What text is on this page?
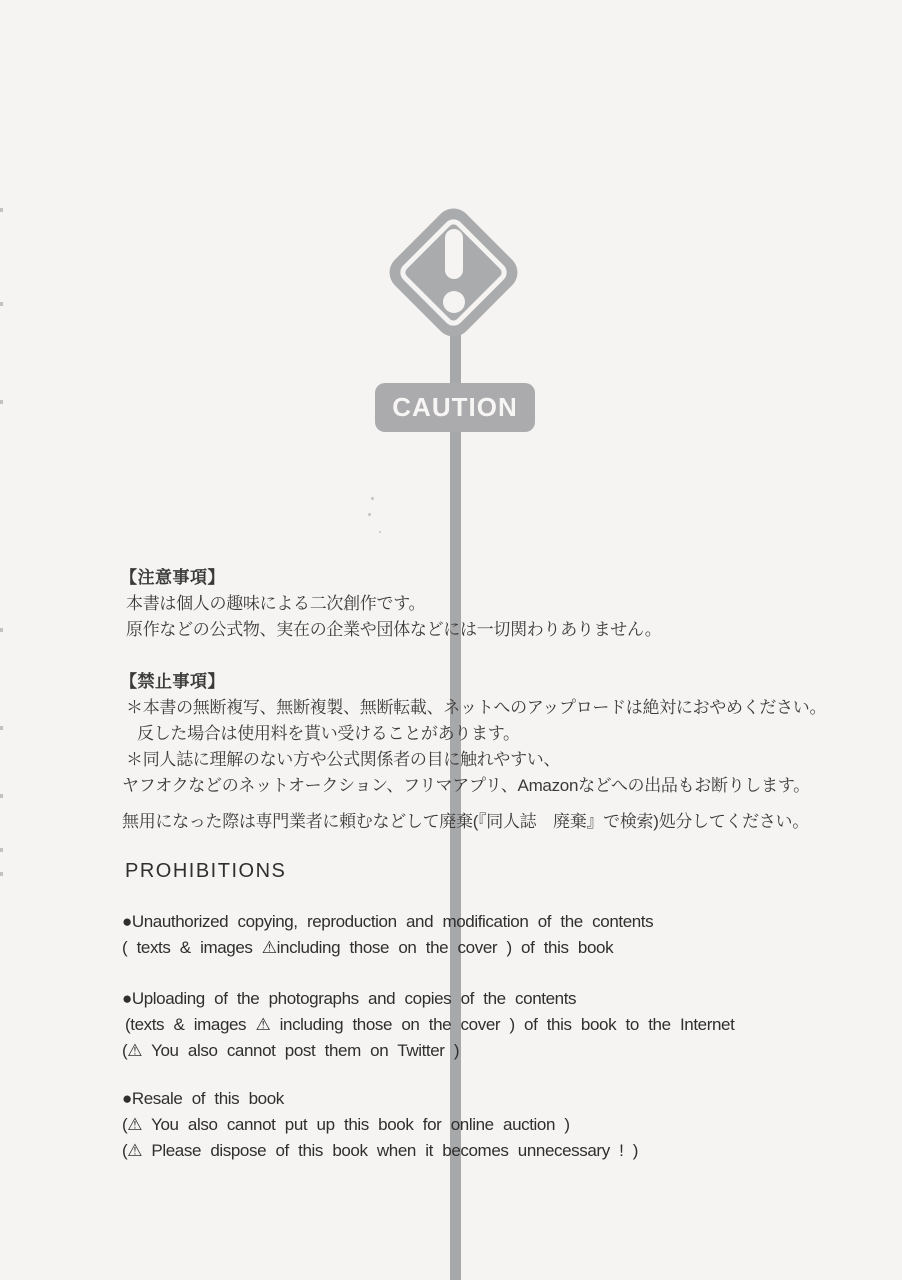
CAUTION
【注意事項】
本書は個人の趣味による二次創作です。
原作などの公式物、実在の企業や団体などには一切関わりありません。
【禁止事項】
＊本書の無断複写、無断複製、無断転載、ネットへのアップロードは絶対におやめください。
反した場合は使用料を貰い受けることがあります。
＊同人誌に理解のない方や公式関係者の目に触れやすい、
ヤフオクなどのネットオークション、フリマアプリ、Amazonなどへの出品もお断りします。
無用になった際は専門業者に頼むなどして廃棄(『同人誌　廃棄』で検索)処分してください。
PROHIBITIONS
●Unauthorized copying, reproduction and modification of the contents
( texts & images ⚠including those on the cover ) of this book
●Uploading of the photographs and copies of the contents
(texts & images ⚠ including those on the cover ) of this book to the Internet
(⚠ You also cannot post them on Twitter )
●Resale of this book
(⚠ You also cannot put up this book for online auction )
(⚠ Please dispose of this book when it becomes unnecessary ! )
